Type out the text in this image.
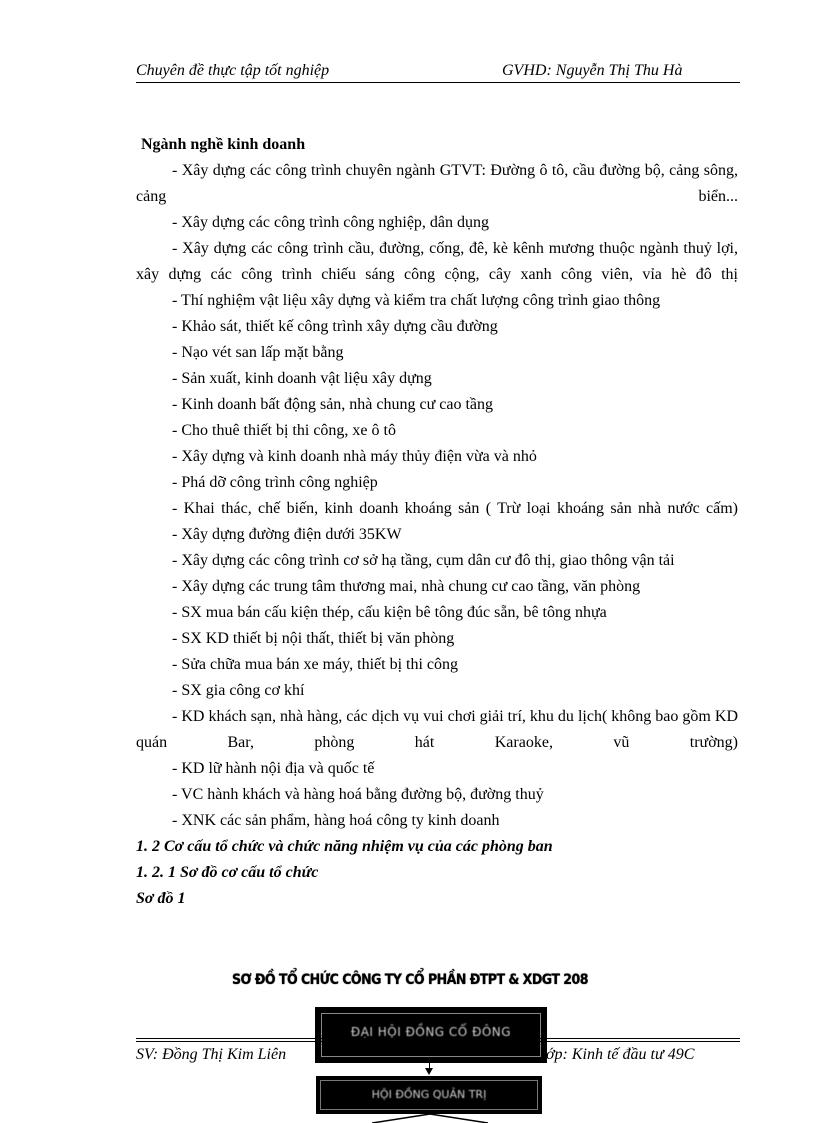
Chuyên đề thực tập tốt nghiệp	GVHD: Nguyễn Thị Thu Hà
Ngành nghề kinh doanh
- Xây dựng các công trình chuyên ngành GTVT: Đường ô tô, cầu đường bộ, cảng sông, cảng biển...
- Xây dựng các công trình công nghiệp, dân dụng
- Xây dựng các công trình cầu, đường, cống, đê, kè kênh mương thuộc ngành thuỷ lợi, xây dựng các công trình chiếu sáng công cộng, cây xanh công viên, vỉa hè đô thị
- Thí nghiệm vật liệu xây dựng và kiểm tra chất lượng công trình giao thông
- Khảo sát, thiết kế công trình xây dựng cầu đường
- Nạo vét san lấp mặt bằng
- Sản xuất, kinh doanh vật liệu xây dựng
- Kinh doanh bất động sản, nhà chung cư cao tầng
- Cho thuê thiết bị thi công, xe ô tô
- Xây dựng và kinh doanh nhà máy thủy điện vừa và nhỏ
- Phá dỡ công trình công nghiệp
- Khai thác, chế biến, kinh doanh khoáng sản ( Trừ loại khoáng sản nhà nước cấm)
- Xây dựng đường điện dưới 35KW
- Xây dựng các công trình cơ sở hạ tầng, cụm dân cư đô thị, giao thông vận tải
- Xây dựng các trung tâm thương mai, nhà chung cư cao tầng, văn phòng
- SX mua bán cấu kiện thép, cấu kiện bê tông đúc sẵn, bê tông nhựa
- SX KD thiết bị nội thất, thiết bị văn phòng
- Sửa chữa mua bán xe máy, thiết bị thi công
- SX gia công cơ khí
- KD khách sạn, nhà hàng, các dịch vụ vui chơi giải trí, khu du lịch( không bao gồm KD quán Bar, phòng hát Karaoke, vũ trường)
- KD lữ hành nội địa và quốc tế
- VC hành khách và hàng hoá bằng đường bộ, đường thuỷ
- XNK các sản phẩm, hàng hoá công ty kinh doanh
1. 2 Cơ cấu tổ chức và chức năng nhiệm vụ của các phòng ban
1. 2. 1 Sơ đồ cơ cấu tổ chức
Sơ đồ 1
SƠ ĐỒ TỔ CHỨC CÔNG TY CỔ PHẦN ĐTPT & XDGT 208
ĐẠI HỘI ĐỒNG CỔ ĐÔNG
SV: Đồng Thị Kim Liên	ớp: Kinh tế đầu tư 49C
HỘI ĐỒNG QUẢN TRỊ
